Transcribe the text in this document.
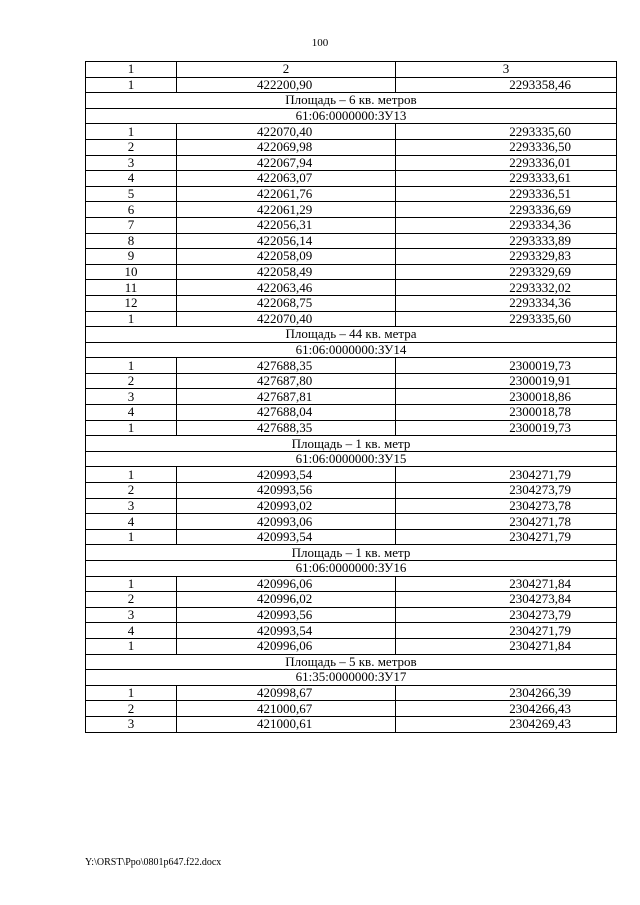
100
1	2	3
1	422200,90	2293358,46
Площадь – 6 кв. метров		
61:06:0000000:ЗУ13		
1	422070,40	2293335,60
2	422069,98	2293336,50
3	422067,94	2293336,01
4	422063,07	2293333,61
5	422061,76	2293336,51
6	422061,29	2293336,69
7	422056,31	2293334,36
8	422056,14	2293333,89
9	422058,09	2293329,83
10	422058,49	2293329,69
11	422063,46	2293332,02
12	422068,75	2293334,36
1	422070,40	2293335,60
Площадь – 44 кв. метра		
61:06:0000000:ЗУ14		
1	427688,35	2300019,73
2	427687,80	2300019,91
3	427687,81	2300018,86
4	427688,04	2300018,78
1	427688,35	2300019,73
Площадь – 1 кв. метр		
61:06:0000000:ЗУ15		
1	420993,54	2304271,79
2	420993,56	2304273,79
3	420993,02	2304273,78
4	420993,06	2304271,78
1	420993,54	2304271,79
Площадь – 1 кв. метр		
61:06:0000000:ЗУ16		
1	420996,06	2304271,84
2	420996,02	2304273,84
3	420993,56	2304273,79
4	420993,54	2304271,79
1	420996,06	2304271,84
Площадь – 5 кв. метров		
61:35:0000000:ЗУ17		
1	420998,67	2304266,39
2	421000,67	2304266,43
3	421000,61	2304269,43
Y:\ORST\Ppo\0801p647.f22.docx
